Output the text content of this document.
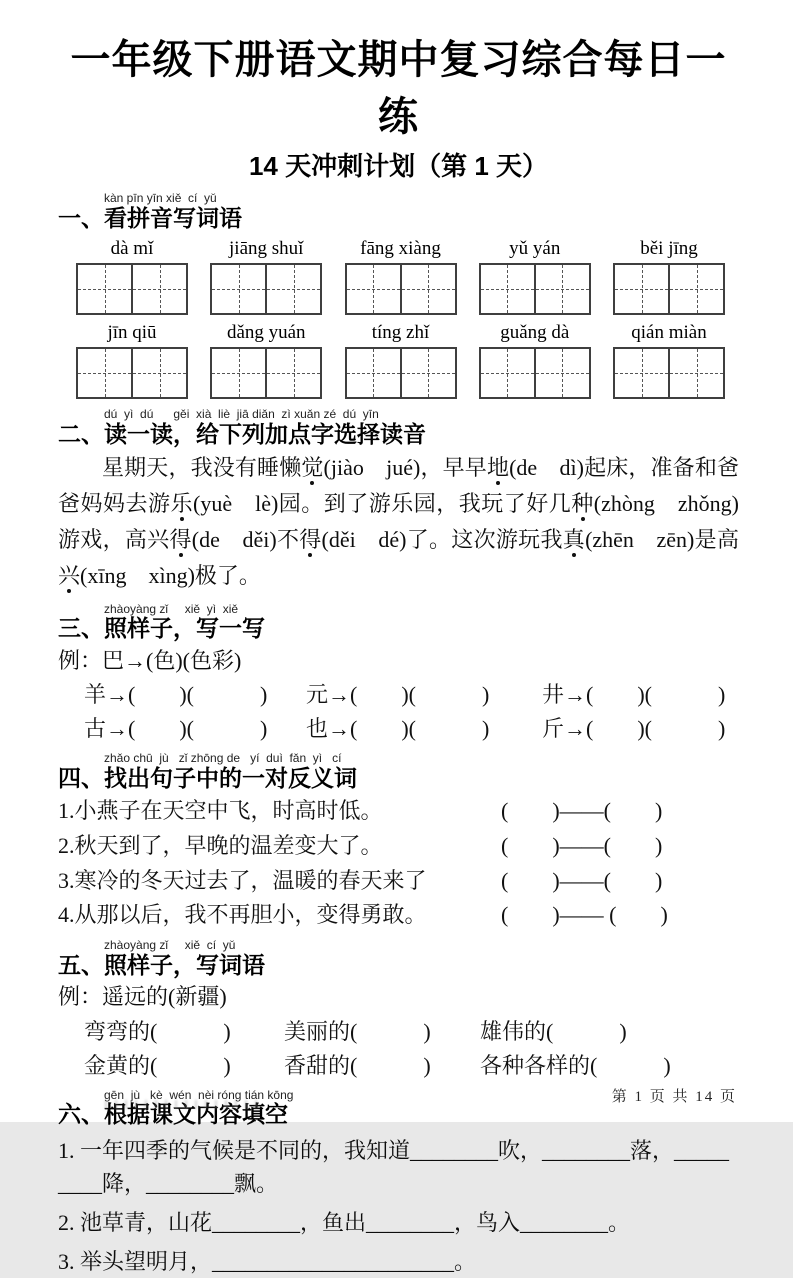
一年级下册语文期中复习综合每日一练
14 天冲刺计划（第 1 天）
一、
kàn pīn yīn xiě  cí  yǔ
看拼音写词语
dà mǐ	jiāng shuǐ	fāng xiàng	yǔ yán	běi jīng
jīn qiū	dǎng yuán	tíng zhǐ	guǎng dà	qián miàn
二、
dú  yì  dú      gěi  xià  liè  jiā diǎn  zì xuǎn zé  dú  yīn
读一读，给下列加点字选择读音

星期天，我没有睡懒觉(jiào　jué)，早早地(de　dì)起床，准备和爸爸妈妈去游乐(yuè　lè)园。到了游乐园，我玩了好几种(zhòng　zhǒng)游戏，高兴得(de　děi)不得(děi　dé)了。这次游玩我真(zhēn　zēn)是高兴(xīng　xìng)极了。

三、
zhàoyàng zǐ     xiě  yì  xiě
照样子，写一写
例：巴→(色)(色彩)
羊→(　　)(　　　)	元→(　　)(　　　)	井→(　　)(　　　)
古→(　　)(　　　)	也→(　　)(　　　)	斤→(　　)(　　　)
四、
zhǎo chū  jù   zǐ zhōng de   yí  duì  fǎn  yì   cí
找出句子中的一对反义词
1.小燕子在天空中飞，时高时低。	(　　)——(　　)
2.秋天到了，早晚的温差变大了。	(　　)——(　　)
3.寒冷的冬天过去了，温暖的春天来了	(　　)——(　　)
4.从那以后，我不再胆小，变得勇敢。	(　　)—— (　　)
五、
zhàoyàng zǐ     xiě  cí  yǔ
照样子，写词语
例：遥远的(新疆)
弯弯的(　　　)	美丽的(　　　)	雄伟的(　　　)
金黄的(　　　)	香甜的(　　　)	各种各样的(　　　)
六、
gēn  jù   kè  wén  nèi róng tián kōng
根据课文内容填空

1. 一年四季的气候是不同的，我知道________吹，________落，_________降，________飘。

2. 池草青，山花________，鱼出________，鸟入________。

3. 举头望明月，______________________。

第 1 页 共 14 页
